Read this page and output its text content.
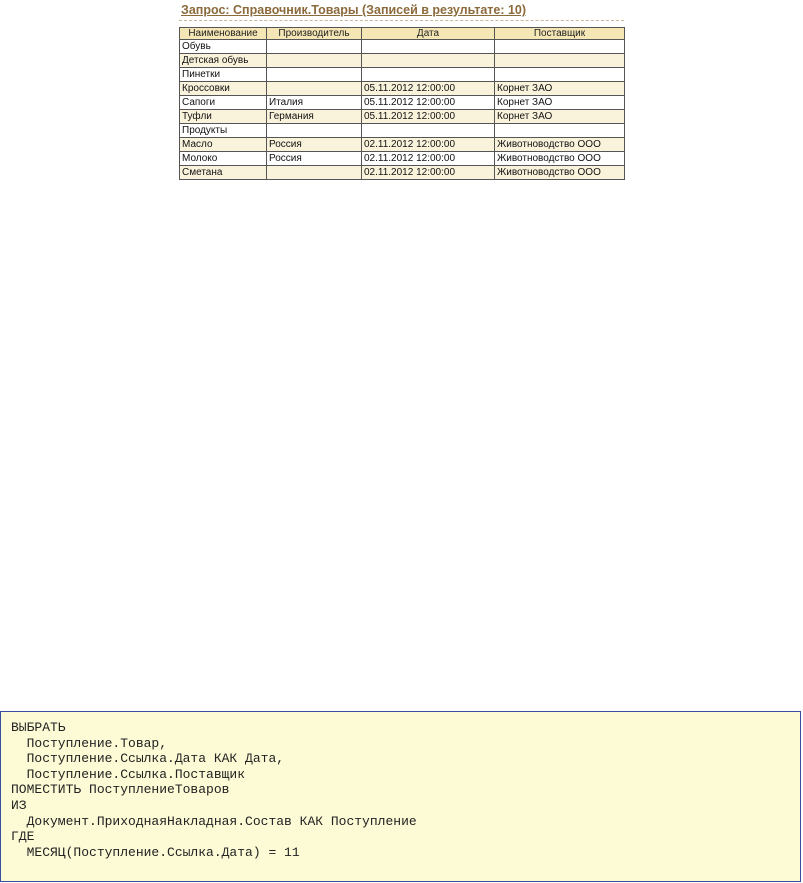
Запрос: Справочник.Товары (Записей в результате: 10)
Наименование	Производитель	Дата	Поставщик
Обувь			
Детская обувь			
Пинетки			
Кроссовки		05.11.2012 12:00:00	Корнет ЗАО
Сапоги	Италия	05.11.2012 12:00:00	Корнет ЗАО
Туфли	Германия	05.11.2012 12:00:00	Корнет ЗАО
Продукты			
Масло	Россия	02.11.2012 12:00:00	Животноводство ООО
Молоко	Россия	02.11.2012 12:00:00	Животноводство ООО
Сметана		02.11.2012 12:00:00	Животноводство ООО
ВЫБРАТЬ
Поступление.Товар,
Поступление.Ссылка.Дата КАК Дата,
Поступление.Ссылка.Поставщик
ПОМЕСТИТЬ ПоступлениеТоваров
ИЗ
Документ.ПриходнаяНакладная.Состав КАК Поступление
ГДЕ
МЕСЯЦ(Поступление.Ссылка.Дата) = 11
